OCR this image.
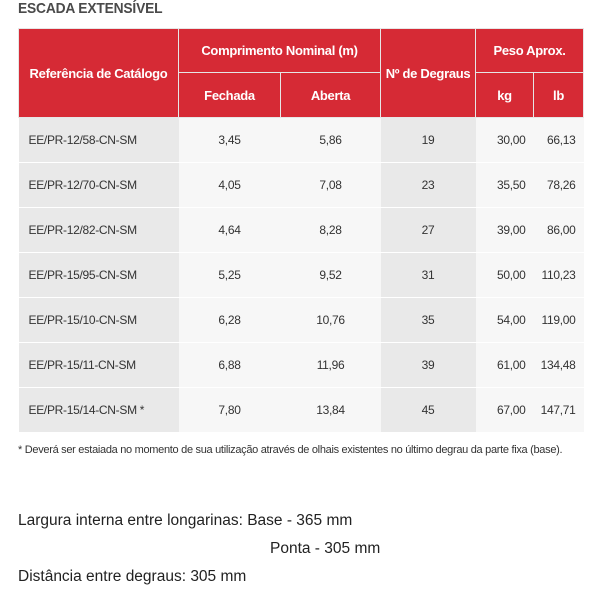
ESCADA EXTENSÍVEL
Referência de Catálogo	Comprimento Nominal (m)		Nº de Degraus	Peso Aprox.	
	Fechada	Aberta		kg	lb
EE/PR-12/58-CN-SM	3,45	5,86	19	30,00	66,13
EE/PR-12/70-CN-SM	4,05	7,08	23	35,50	78,26
EE/PR-12/82-CN-SM	4,64	8,28	27	39,00	86,00
EE/PR-15/95-CN-SM	5,25	9,52	31	50,00	110,23
EE/PR-15/10-CN-SM	6,28	10,76	35	54,00	119,00
EE/PR-15/11-CN-SM	6,88	11,96	39	61,00	134,48
EE/PR-15/14-CN-SM *	7,80	13,84	45	67,00	147,71
* Deverá ser estaiada no momento de sua utilização através de olhais existentes no último degrau da parte fixa (base).
Largura interna entre longarinas: Base - 365 mm
Ponta - 305 mm
Distância entre degraus: 305 mm
